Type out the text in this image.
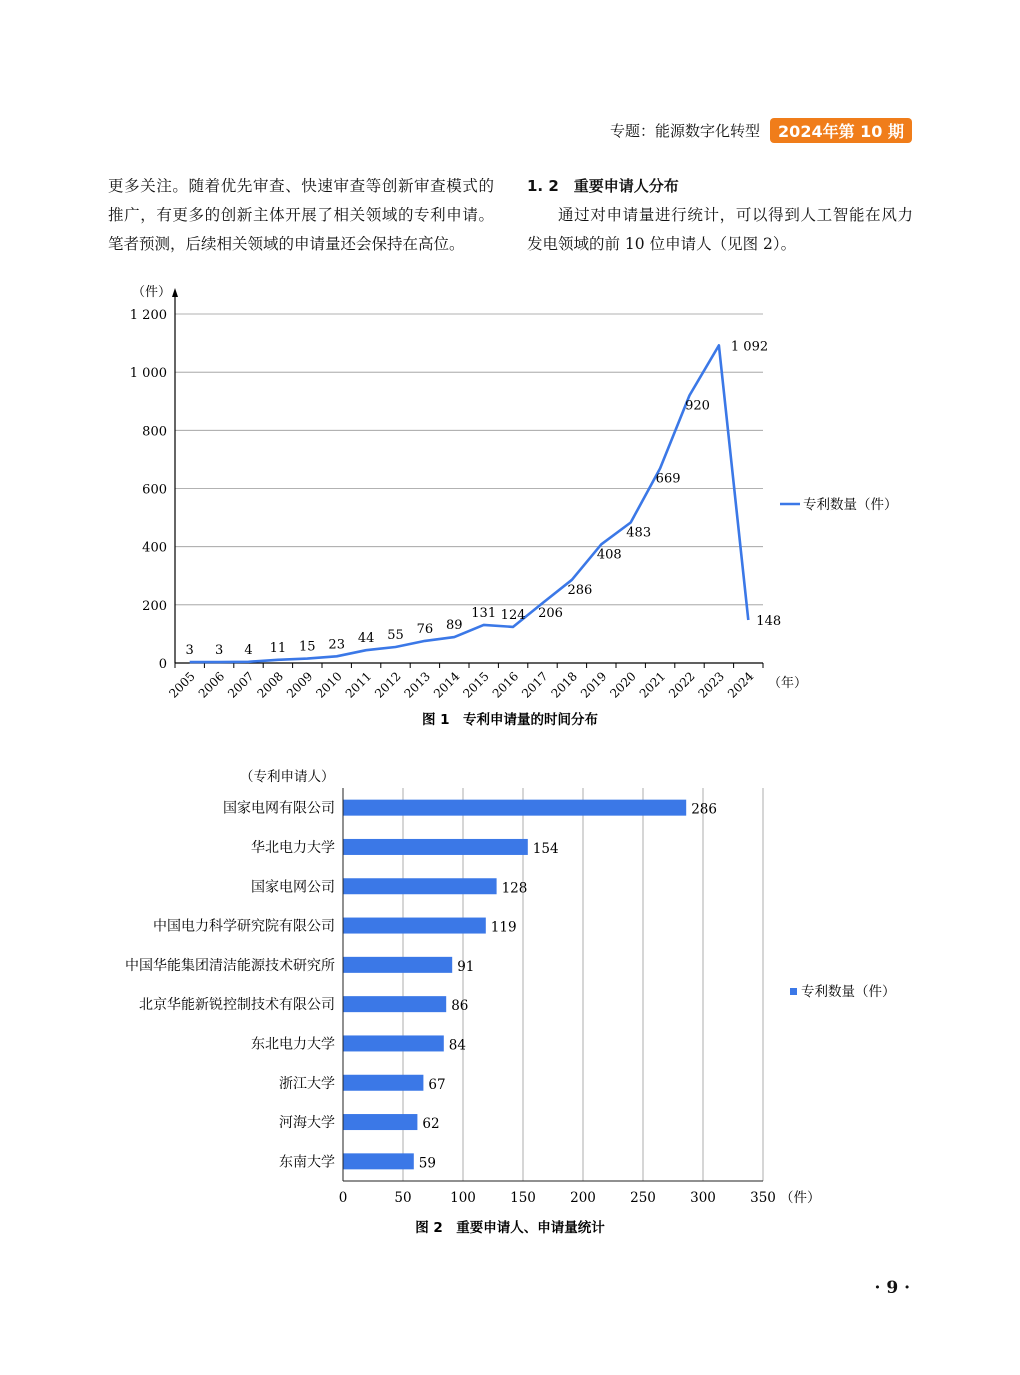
专题：能源数字化转型	2024年第 10 期

更多关注。随着优先审查、快速审查等创新审查模式的推广，有更多的创新主体开展了相关领域的专利申请。笔者预测，后续相关领域的申请量还会保持在高位。

1. 2　重要申请人分布

通过对申请量进行统计，可以得到人工智能在风力发电领域的前 10 位申请人（见图 2）。

0
200
400
600
800
1 000
1 200
2005
2006
2007
2008
2009
2010
2011
2012
2013
2014
2015
2016
2017
2018
2019
2020
2021
2022
2023
2024
（件）
（年）
3 3 4 11 15 23 44 55 76 89
131 124 206
286
408
483
669
920
1 092
148
专利数量（件）
图 1　专利申请量的时间分布
（专利申请人）
国家电网有限公司
华北电力大学
国家电网公司
中国电力科学研究院有限公司
中国华能集团清洁能源技术研究所
北京华能新锐控制技术有限公司
东北电力大学
浙江大学
河海大学
东南大学
286
154
128
119
91
86
84
67
62
59
0	50	100	150	200	250	300	350 （件）
专利数量（件）
图 2　重要申请人、申请量统计
· 9 ·
